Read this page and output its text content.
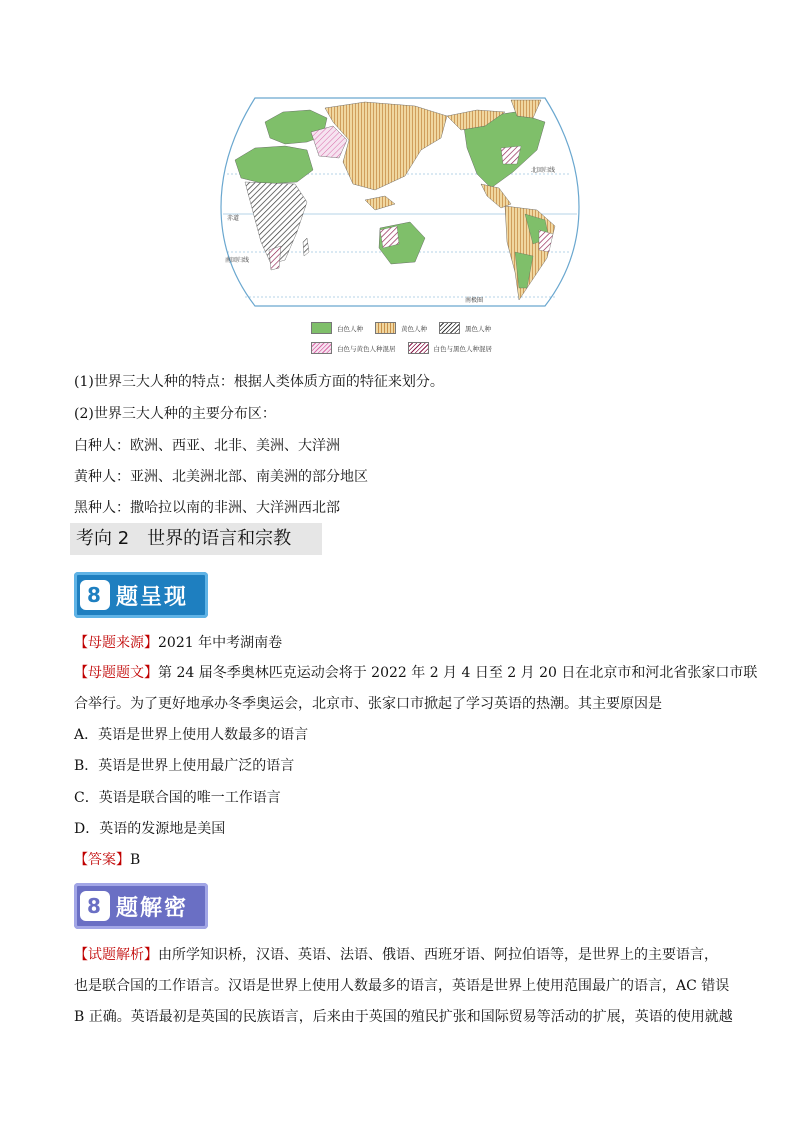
北回归线
赤道
南回归线
南极圈
白色人种	黄色人种	黑色人种
白色与黄色人种混居	白色与黑色人种混居
(1)世界三大人种的特点：根据人类体质方面的特征来划分。
(2)世界三大人种的主要分布区：
白种人：欧洲、西亚、北非、美洲、大洋洲
黄种人：亚洲、北美洲北部、南美洲的部分地区
黑种人：撒哈拉以南的非洲、大洋洲西北部
考向 2　世界的语言和宗教
8 题呈现
【母题来源】2021 年中考湖南卷
【母题题文】第 24 届冬季奥林匹克运动会将于 2022 年 2 月 4 日至 2 月 20 日在北京市和河北省张家口市联
合举行。为了更好地承办冬季奥运会，北京市、张家口市掀起了学习英语的热潮。其主要原因是
A．英语是世界上使用人数最多的语言
B．英语是世界上使用最广泛的语言
C．英语是联合国的唯一工作语言
D．英语的发源地是美国
【答案】B
8 题解密
【试题解析】由所学知识桥，汉语、英语、法语、俄语、西班牙语、阿拉伯语等，是世界上的主要语言，
也是联合国的工作语言。汉语是世界上使用人数最多的语言，英语是世界上使用范围最广的语言，AC 错误
B 正确。英语最初是英国的民族语言，后来由于英国的殖民扩张和国际贸易等活动的扩展，英语的使用就越
